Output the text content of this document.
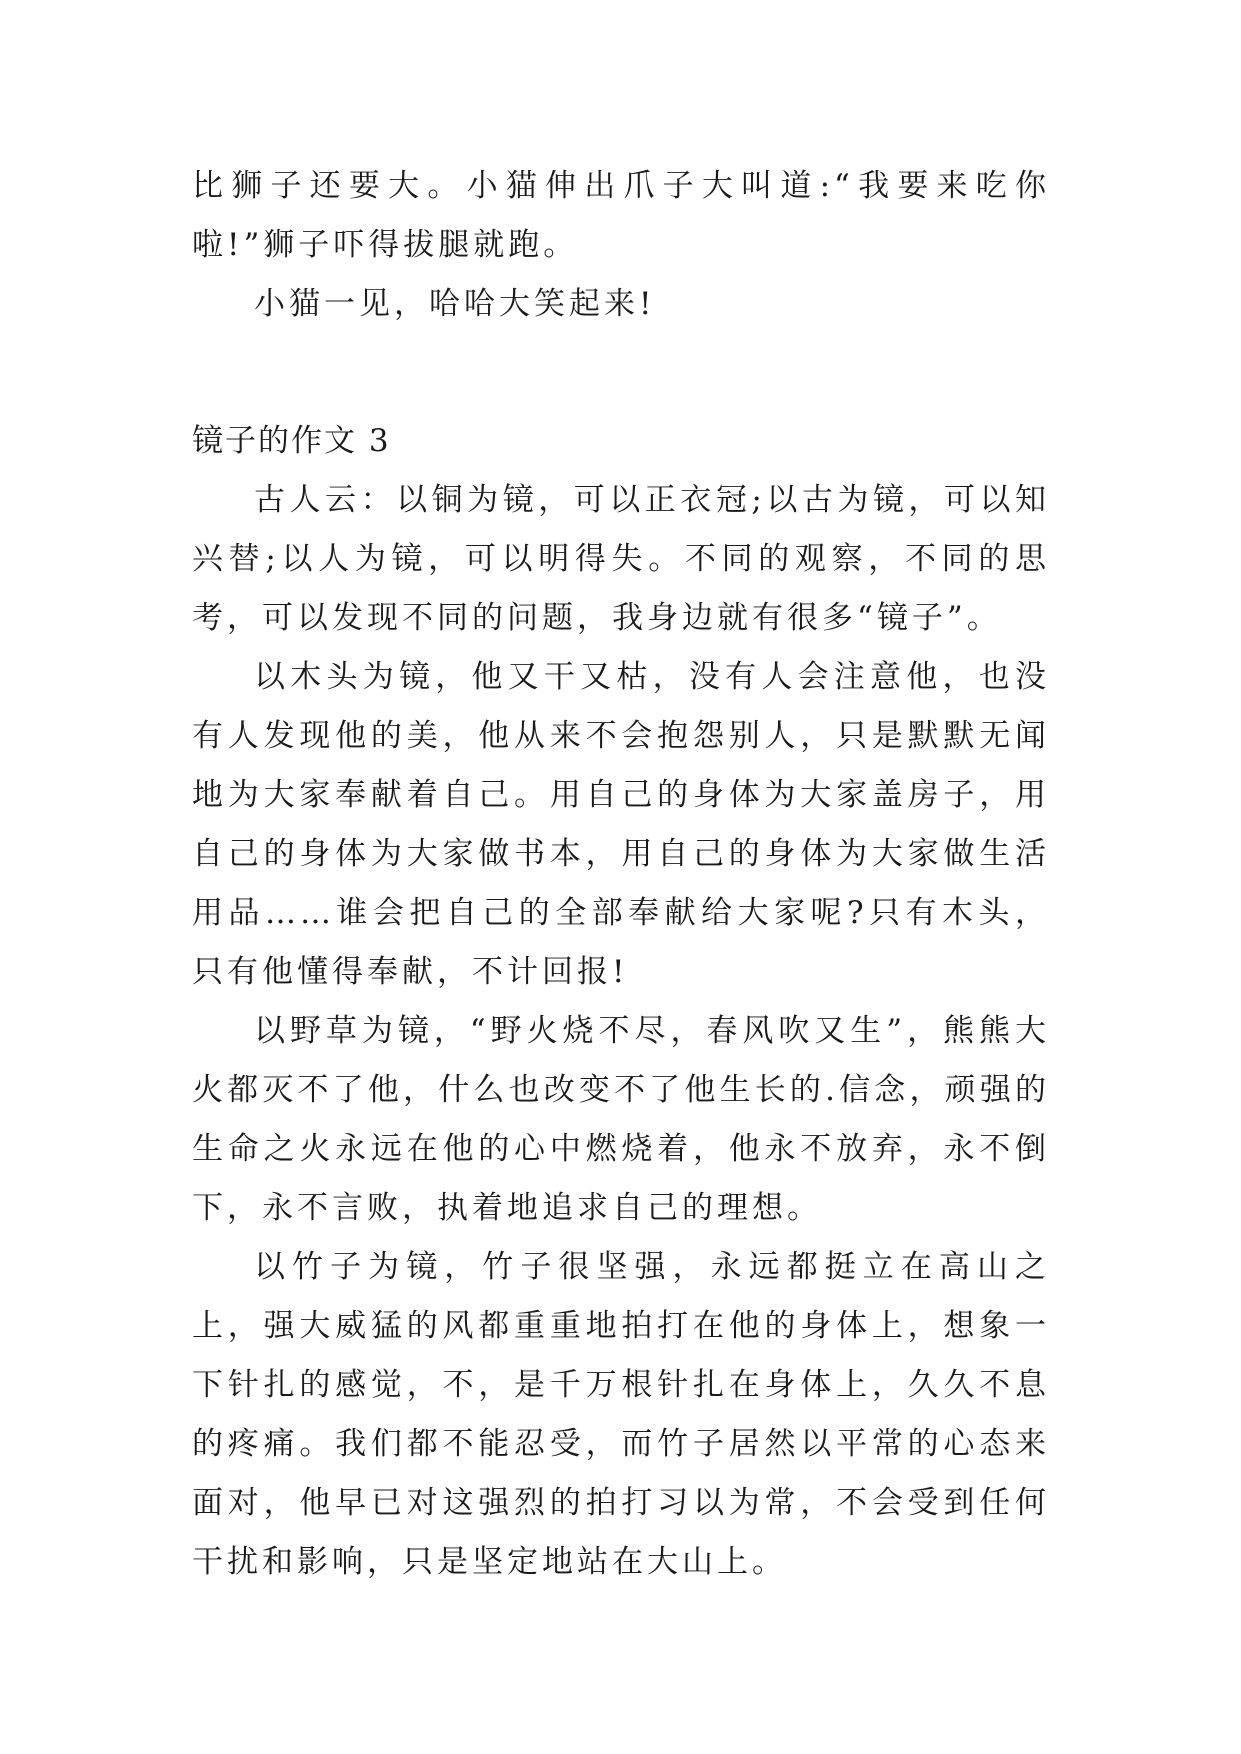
比狮子还要大。小猫伸出爪子大叫道:“我要来吃你啦!”狮子吓得拔腿就跑。

小猫一见，哈哈大笑起来!

镜子的作文 3

古人云：以铜为镜，可以正衣冠;以古为镜，可以知兴替;以人为镜，可以明得失。不同的观察，不同的思考，可以发现不同的问题，我身边就有很多“镜子”。

以木头为镜，他又干又枯，没有人会注意他，也没有人发现他的美，他从来不会抱怨别人，只是默默无闻地为大家奉献着自己。用自己的身体为大家盖房子，用自己的身体为大家做书本，用自己的身体为大家做生活用品……谁会把自己的全部奉献给大家呢?只有木头，只有他懂得奉献，不计回报!

以野草为镜，“野火烧不尽，春风吹又生”，熊熊大火都灭不了他，什么也改变不了他生长的.信念，顽强的生命之火永远在他的心中燃烧着，他永不放弃，永不倒下，永不言败，执着地追求自己的理想。

以竹子为镜，竹子很坚强，永远都挺立在高山之上，强大威猛的风都重重地拍打在他的身体上，想象一下针扎的感觉，不，是千万根针扎在身体上，久久不息的疼痛。我们都不能忍受，而竹子居然以平常的心态来面对，他早已对这强烈的拍打习以为常，不会受到任何干扰和影响，只是坚定地站在大山上。
